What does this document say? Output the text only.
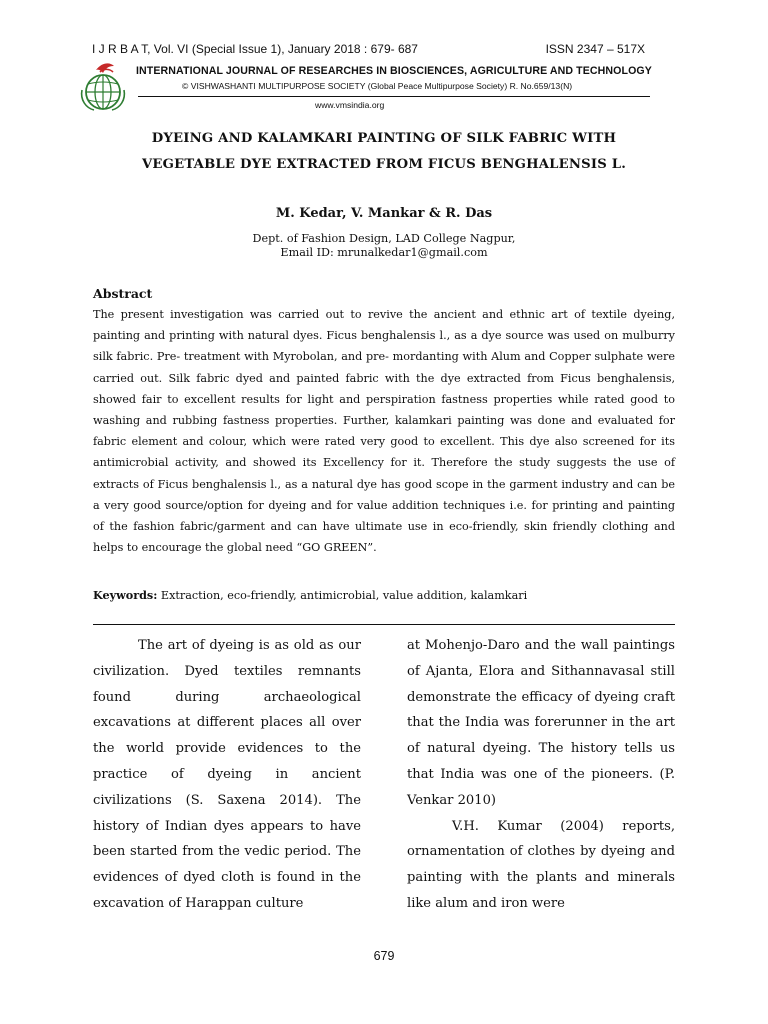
I J R B A T, Vol. VI (Special Issue 1), January 2018 : 679- 687	ISSN 2347 – 517X
INTERNATIONAL JOURNAL OF RESEARCHES IN BIOSCIENCES, AGRICULTURE AND TECHNOLOGY
© VISHWASHANTI MULTIPURPOSE SOCIETY (Global Peace Multipurpose Society) R. No.659/13(N)
www.vmsindia.org
DYEING AND KALAMKARI PAINTING OF SILK FABRIC WITH
VEGETABLE DYE EXTRACTED FROM FICUS BENGHALENSIS L.
M. Kedar, V. Mankar & R. Das
Dept. of Fashion Design, LAD College Nagpur,
Email ID: mrunalkedar1@gmail.com
Abstract
The present investigation was carried out to revive the ancient and ethnic art of textile dyeing, painting and printing with natural dyes. Ficus benghalensis l., as a dye source was used on mulburry silk fabric. Pre- treatment with Myrobolan, and pre- mordanting with Alum and Copper sulphate were carried out. Silk fabric dyed and painted fabric with the dye extracted from Ficus benghalensis, showed fair to excellent results for light and perspiration fastness properties while rated good to washing and rubbing fastness properties. Further, kalamkari painting was done and evaluated for fabric element and colour, which were rated very good to excellent. This dye also screened for its antimicrobial activity, and showed its Excellency for it. Therefore the study suggests the use of extracts of Ficus benghalensis l., as a natural dye has good scope in the garment industry and can be a very good source/option for dyeing and for value addition techniques i.e. for printing and painting of the fashion fabric/garment and can have ultimate use in eco-friendly, skin friendly clothing and helps to encourage the global need “GO GREEN”.
Keywords: Extraction, eco-friendly, antimicrobial, value addition, kalamkari

The art of dyeing is as old as our civilization. Dyed textiles remnants found during archaeological excavations at different places all over the world provide evidences to the practice of dyeing in ancient civilizations (S. Saxena 2014). The history of Indian dyes appears to have been started from the vedic period. The evidences of dyed cloth is found in the excavation of Harappan culture

at Mohenjo-Daro and the wall paintings of Ajanta, Elora and Sithannavasal still demonstrate the efficacy of dyeing craft that the India was forerunner in the art of natural dyeing. The history tells us that India was one of the pioneers. (P. Venkar 2010)

V.H. Kumar (2004) reports, ornamentation of clothes by dyeing and painting with the plants and minerals like alum and iron were

679
